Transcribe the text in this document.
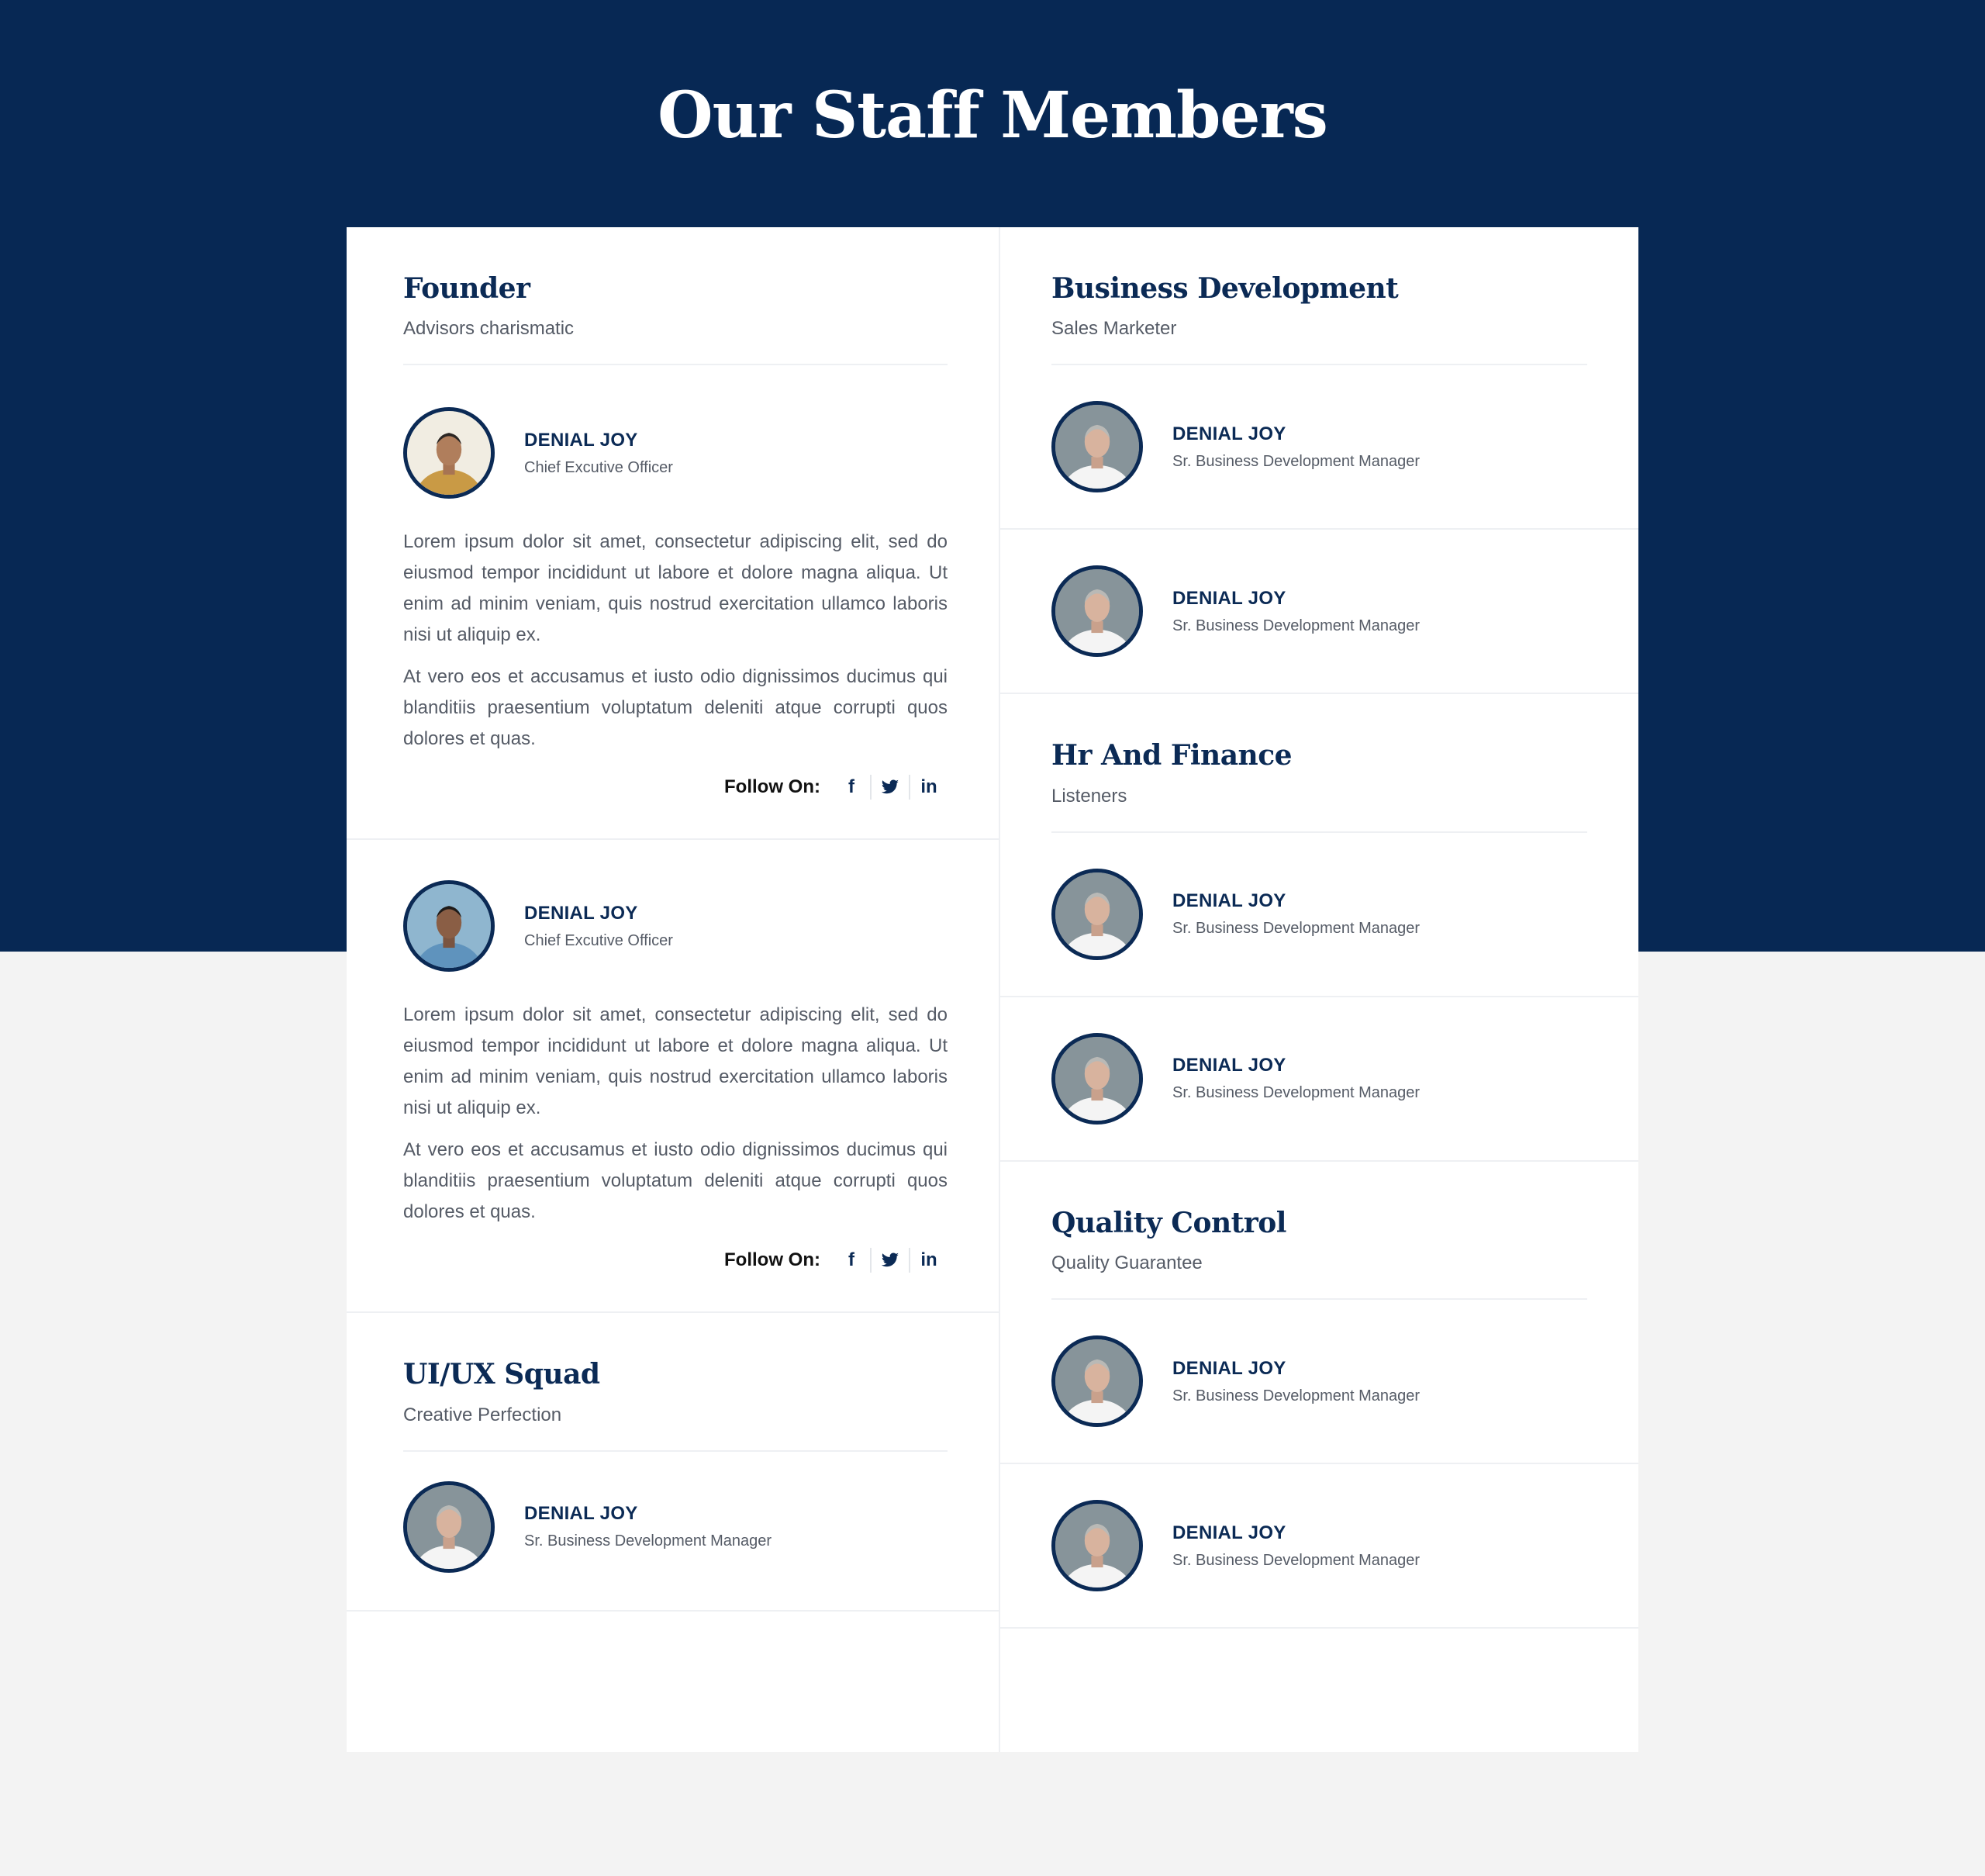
Our Staff Members
Founder

Advisors charismatic

DENIAL JOY
Chief Excutive Officer

Lorem ipsum dolor sit amet, consectetur adipiscing elit, sed do eiusmod tempor incididunt ut labore et dolore magna aliqua. Ut enim ad minim veniam, quis nostrud exercitation ullamco laboris nisi ut aliquip ex.

At vero eos et accusamus et iusto odio dignissimos ducimus qui blanditiis praesentium voluptatum deleniti atque corrupti quos dolores et quas.

Follow On:	f	in
DENIAL JOY
Chief Excutive Officer

Lorem ipsum dolor sit amet, consectetur adipiscing elit, sed do eiusmod tempor incididunt ut labore et dolore magna aliqua. Ut enim ad minim veniam, quis nostrud exercitation ullamco laboris nisi ut aliquip ex.

At vero eos et accusamus et iusto odio dignissimos ducimus qui blanditiis praesentium voluptatum deleniti atque corrupti quos dolores et quas.

Follow On:	f	in
UI/UX Squad

Creative Perfection

DENIAL JOY
Sr. Business Development Manager
Business Development

Sales Marketer

DENIAL JOY
Sr. Business Development Manager
DENIAL JOY
Sr. Business Development Manager
Hr And Finance

Listeners

DENIAL JOY
Sr. Business Development Manager
DENIAL JOY
Sr. Business Development Manager
Quality Control

Quality Guarantee

DENIAL JOY
Sr. Business Development Manager
DENIAL JOY
Sr. Business Development Manager
